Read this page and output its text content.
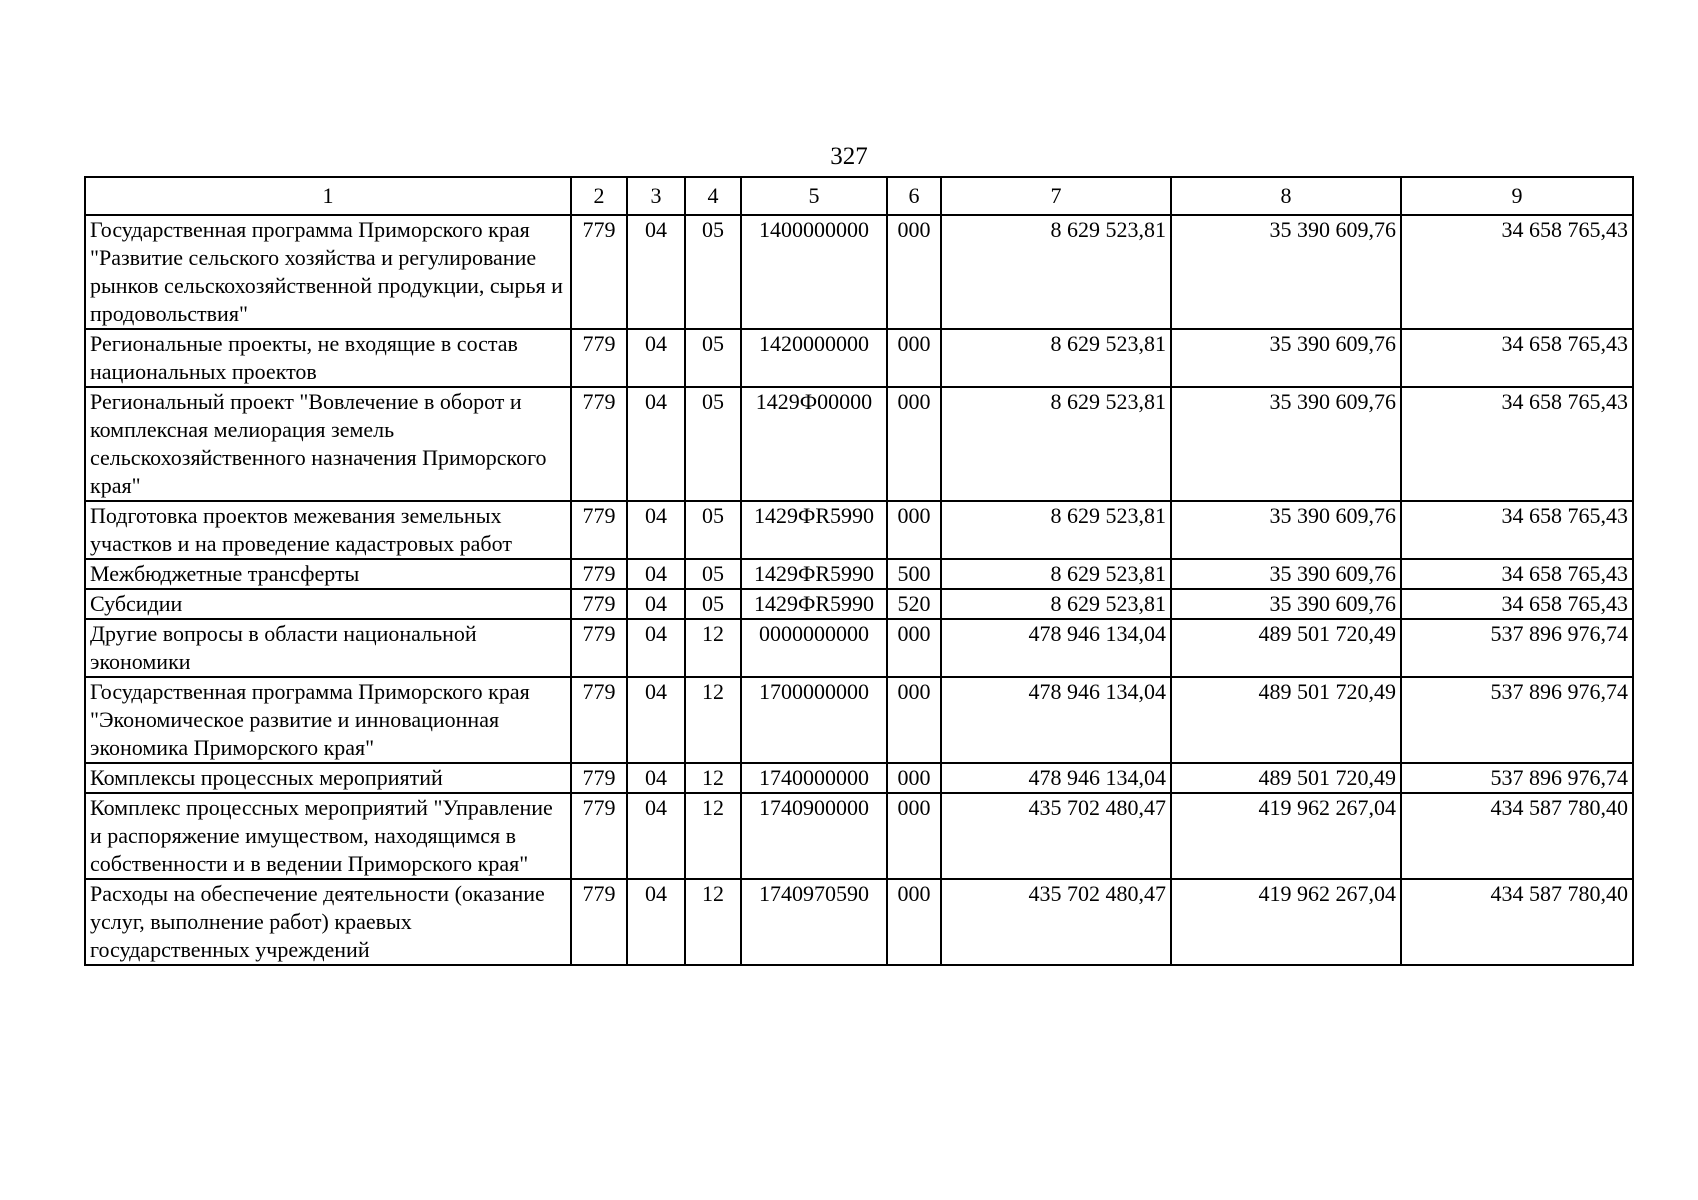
327
1	2	3	4	5	6	7	8	9
Государственная программа Приморского края "Развитие сельского хозяйства и регулирование рынков сельскохозяйственной продукции, сырья и продовольствия"	779	04	05	1400000000	000	8 629 523,81	35 390 609,76	34 658 765,43
Региональные проекты, не входящие в состав национальных проектов	779	04	05	1420000000	000	8 629 523,81	35 390 609,76	34 658 765,43
Региональный проект "Вовлечение в оборот и комплексная мелиорация земель сельскохозяйственного назначения Приморского края"	779	04	05	1429Ф00000	000	8 629 523,81	35 390 609,76	34 658 765,43
Подготовка проектов межевания земельных участков и на проведение кадастровых работ	779	04	05	1429ФR5990	000	8 629 523,81	35 390 609,76	34 658 765,43
Межбюджетные трансферты	779	04	05	1429ФR5990	500	8 629 523,81	35 390 609,76	34 658 765,43
Субсидии	779	04	05	1429ФR5990	520	8 629 523,81	35 390 609,76	34 658 765,43
Другие вопросы в области национальной экономики	779	04	12	0000000000	000	478 946 134,04	489 501 720,49	537 896 976,74
Государственная программа Приморского края "Экономическое развитие и инновационная экономика Приморского края"	779	04	12	1700000000	000	478 946 134,04	489 501 720,49	537 896 976,74
Комплексы процессных мероприятий	779	04	12	1740000000	000	478 946 134,04	489 501 720,49	537 896 976,74
Комплекс процессных мероприятий "Управление и распоряжение имуществом, находящимся в собственности и в ведении Приморского края"	779	04	12	1740900000	000	435 702 480,47	419 962 267,04	434 587 780,40
Расходы на обеспечение деятельности (оказание услуг, выполнение работ) краевых государственных учреждений	779	04	12	1740970590	000	435 702 480,47	419 962 267,04	434 587 780,40
